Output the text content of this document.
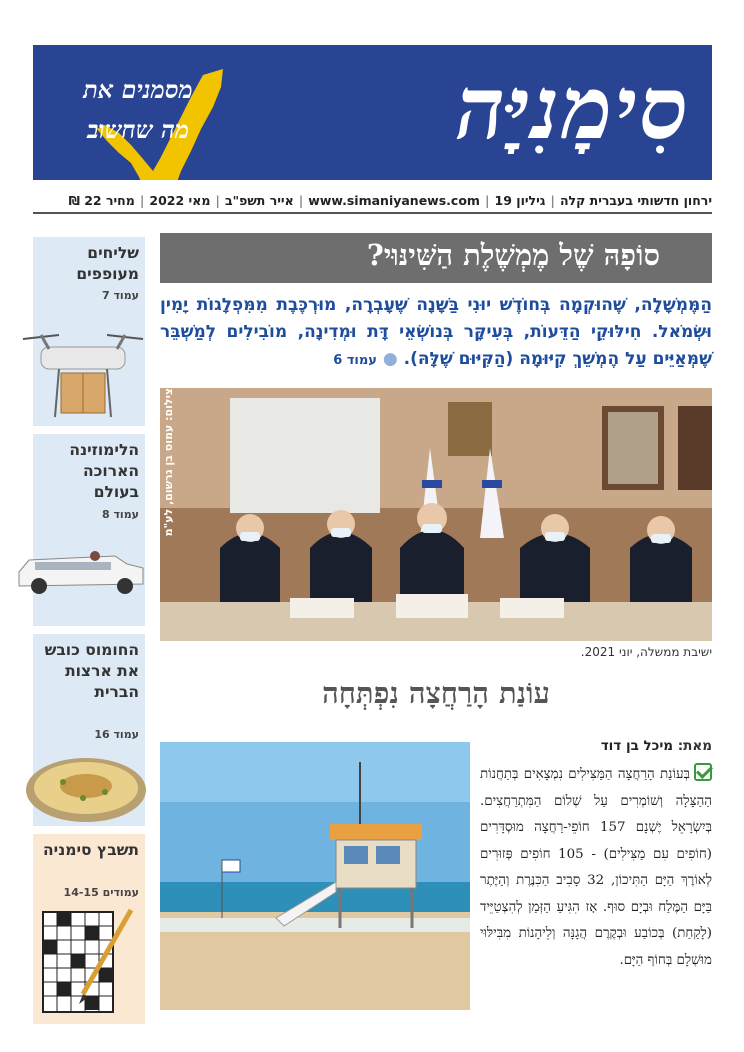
מסמנים את
מה שחשוב	סִימָנִיָּה
ירחון חדשותי בעברית קלה|גיליון 19|www.simaniyanews.com|אייר תשפ"ב|מאי 2022|מחיר 22 ₪
שליחים מעופפים
עמוד 7
הלימוזינה הארוכה בעולם
עמוד 8
החומוס כובש את ארצות הברית
עמוד 16
תשבץ סימניה
עמודים 14-15
סוֹפָהּ שֶׁל מֶמְשֶׁלֶת הַשִּׁינּוּי?
הַמֶּמְשָׁלָה, שֶׁהוּקְמָה בְּחוֹדֶשׁ יוּנִי בַּשָּׁנָה שֶׁעָבְרָה, מוּרְכֶּבֶת מִמִּפְלָגוֹת יָמִין וּשְׂמֹאל. חִילּוּקֵי הַדֵּעוֹת, בְּעִיקָּר בְּנוֹשְׂאֵי דָּת וּמְדִינָה, מוֹבִילִים לְמַשְׁבֵּר שֶׁמְּאַיֵּים עַל הֶמְשֵׁךְ קִיּוּמָהּ (הַקִּיּוּם שֶׁלָּהּ). ● עמוד 6
צילום: עמוס בן גרשום, לע"מ
ישיבת ממשלה, יוני 2021.
עוֹנַת הָרַחֲצָה נִפְתְּחָה
מאת: מיכל בן דוד
בְּעוֹנַת הָרַחֲצָה הַמַּצִּילִים נִמְצָאִים בְּתַחֲנוֹת הַהַצָּלָה וְשׁוֹמְרִים עַל שְׁלוֹם הַמִּתְרַחֲצִים. בְּיִשְׂרָאֵל יֶשְׁנָם 157 חוֹפֵי-רַחֲצָה מוּסְדָּרִים (חוֹפִים עִם מַצִּילִים) - 105 חוֹפִים פְּזוּרִים לְאוֹרֶךְ הַיָּם הַתִּיכוֹן, 32 סָבִיב הַכִּנֶּרֶת וְהַיֶּתֶר בַּיָּם הַמֶּלַח וּבְיָם סוּף. אָז הִגִּיעַ הַזְּמַן לְהִצְטַיֵּיד (לָקַחַת) בְּכוֹבַע וּבְקֶרֶם הֲגָנָּה וְלֵיהָנוֹת מִבִּילּוּי מוּשְׁלָם בְּחוֹף הַיָּם.
